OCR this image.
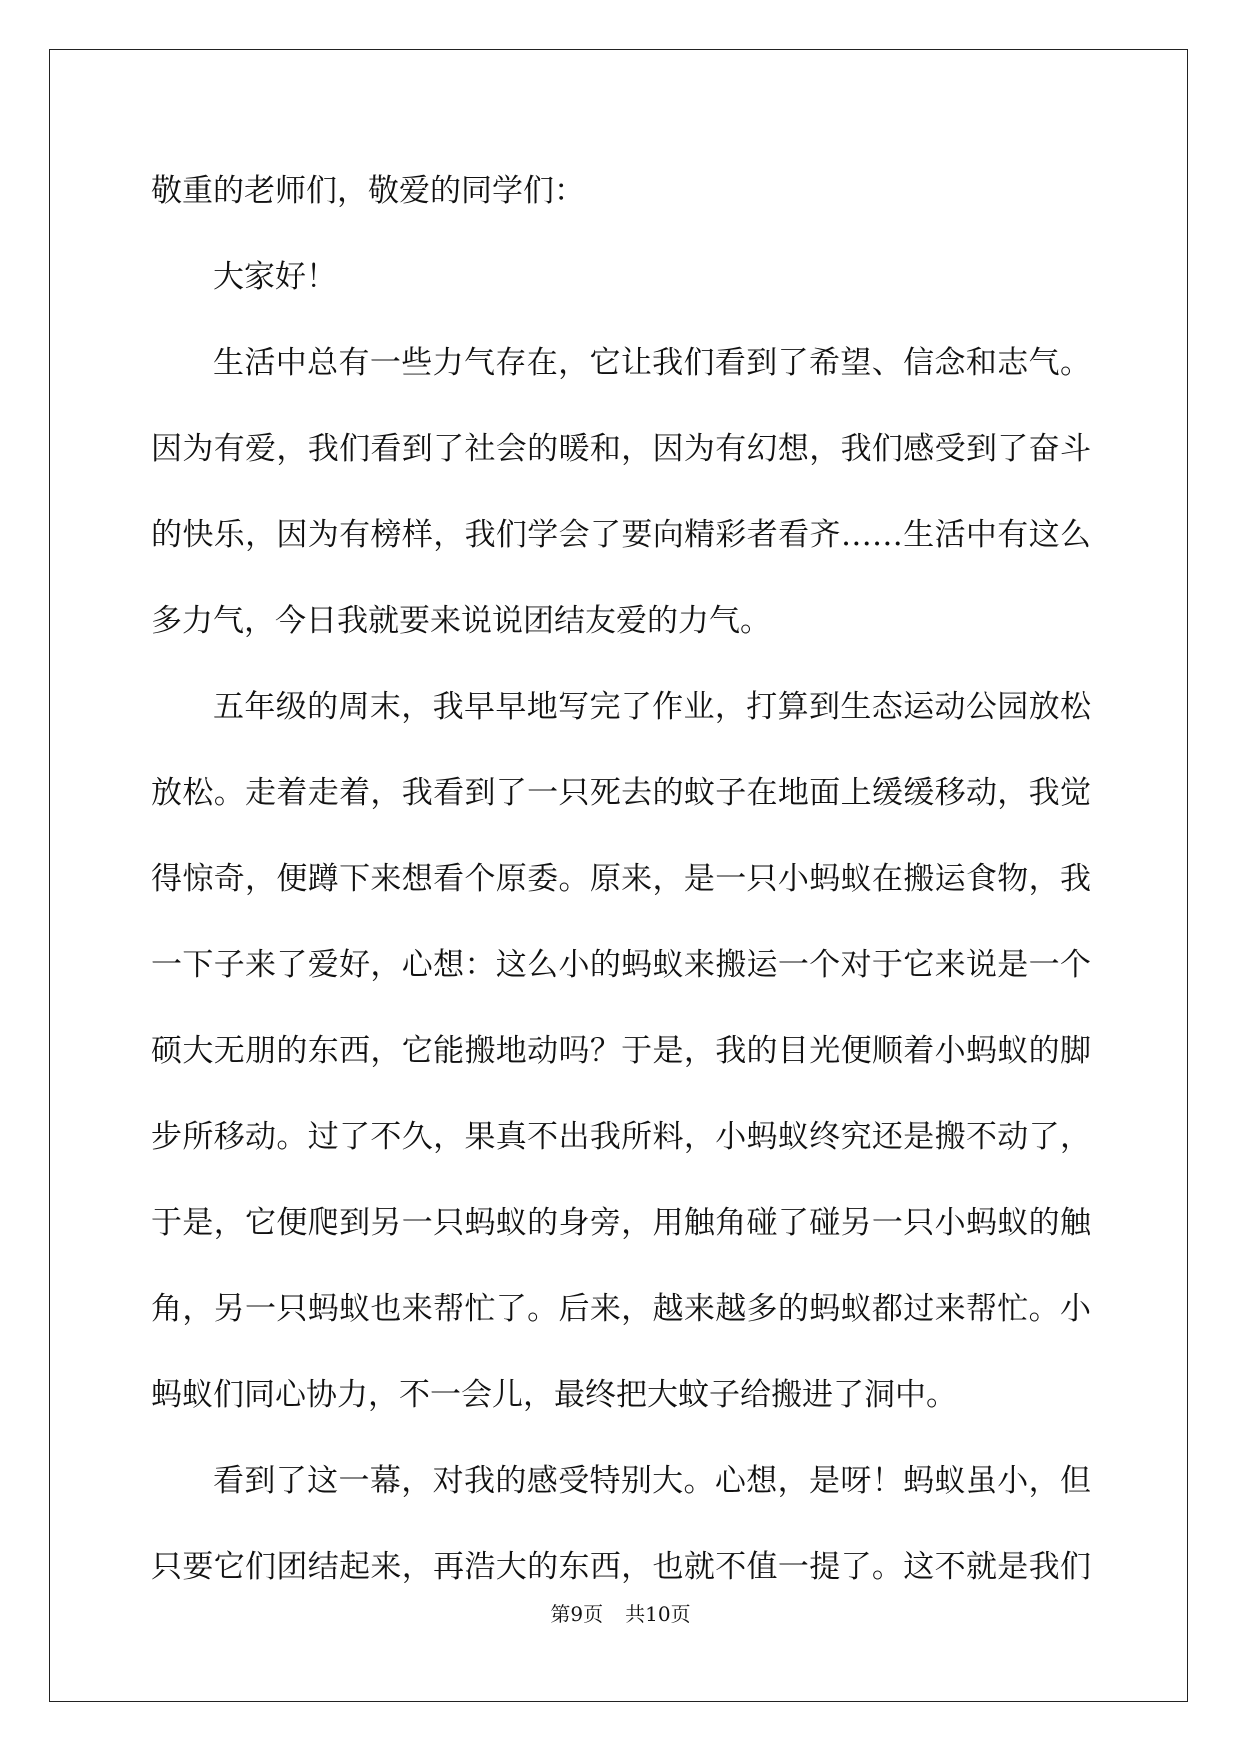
敬重的老师们，敬爱的同学们：
大家好！
生活中总有一些力气存在，它让我们看到了希望、信念和志气。
因为有爱，我们看到了社会的暖和，因为有幻想，我们感受到了奋斗
的快乐，因为有榜样，我们学会了要向精彩者看齐……生活中有这么
多力气，今日我就要来说说团结友爱的力气。
五年级的周末，我早早地写完了作业，打算到生态运动公园放松
放松。走着走着，我看到了一只死去的蚊子在地面上缓缓移动，我觉
得惊奇，便蹲下来想看个原委。原来，是一只小蚂蚁在搬运食物，我
一下子来了爱好，心想：这么小的蚂蚁来搬运一个对于它来说是一个
硕大无朋的东西，它能搬地动吗？于是，我的目光便顺着小蚂蚁的脚
步所移动。过了不久，果真不出我所料，小蚂蚁终究还是搬不动了，
于是，它便爬到另一只蚂蚁的身旁，用触角碰了碰另一只小蚂蚁的触
角，另一只蚂蚁也来帮忙了。后来，越来越多的蚂蚁都过来帮忙。小
蚂蚁们同心协力，不一会儿，最终把大蚊子给搬进了洞中。
看到了这一幕，对我的感受特别大。心想，是呀！蚂蚁虽小，但
只要它们团结起来，再浩大的东西，也就不值一提了。这不就是我们
第9页 共10页
